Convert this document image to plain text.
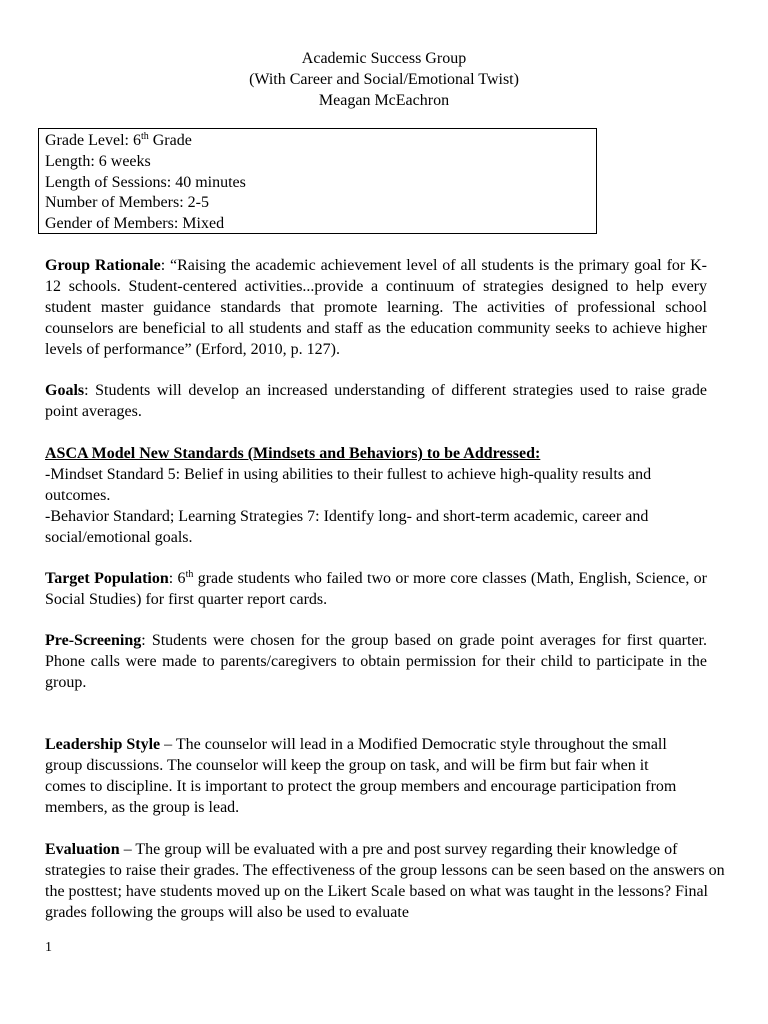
Academic Success Group
(With Career and Social/Emotional Twist)
Meagan McEachron
Grade Level: 6th Grade
Length: 6 weeks
Length of Sessions: 40 minutes
Number of Members: 2-5
Gender of Members: Mixed

Group Rationale: “Raising the academic achievement level of all students is the primary goal for K-12 schools. Student-centered activities...provide a continuum of strategies designed to help every student master guidance standards that promote learning. The activities of professional school counselors are beneficial to all students and staff as the education community seeks to achieve higher levels of performance” (Erford, 2010, p. 127).

Goals: Students will develop an increased understanding of different strategies used to raise grade point averages.

ASCA Model New Standards (Mindsets and Behaviors) to be Addressed:
-Mindset Standard 5: Belief in using abilities to their fullest to achieve high-quality results and outcomes.
-Behavior Standard; Learning Strategies 7: Identify long- and short-term academic, career and social/emotional goals.

Target Population: 6th grade students who failed two or more core classes (Math, English, Science, or Social Studies) for first quarter report cards.

Pre-Screening: Students were chosen for the group based on grade point averages for first quarter. Phone calls were made to parents/caregivers to obtain permission for their child to participate in the group.

Leadership Style – The counselor will lead in a Modified Democratic style throughout the small group discussions. The counselor will keep the group on task, and will be firm but fair when it comes to discipline. It is important to protect the group members and encourage participation from members, as the group is lead.

Evaluation – The group will be evaluated with a pre and post survey regarding their knowledge of strategies to raise their grades. The effectiveness of the group lessons can be seen based on the answers on the posttest; have students moved up on the Likert Scale based on what was taught in the lessons? Final grades following the groups will also be used to evaluate

1
